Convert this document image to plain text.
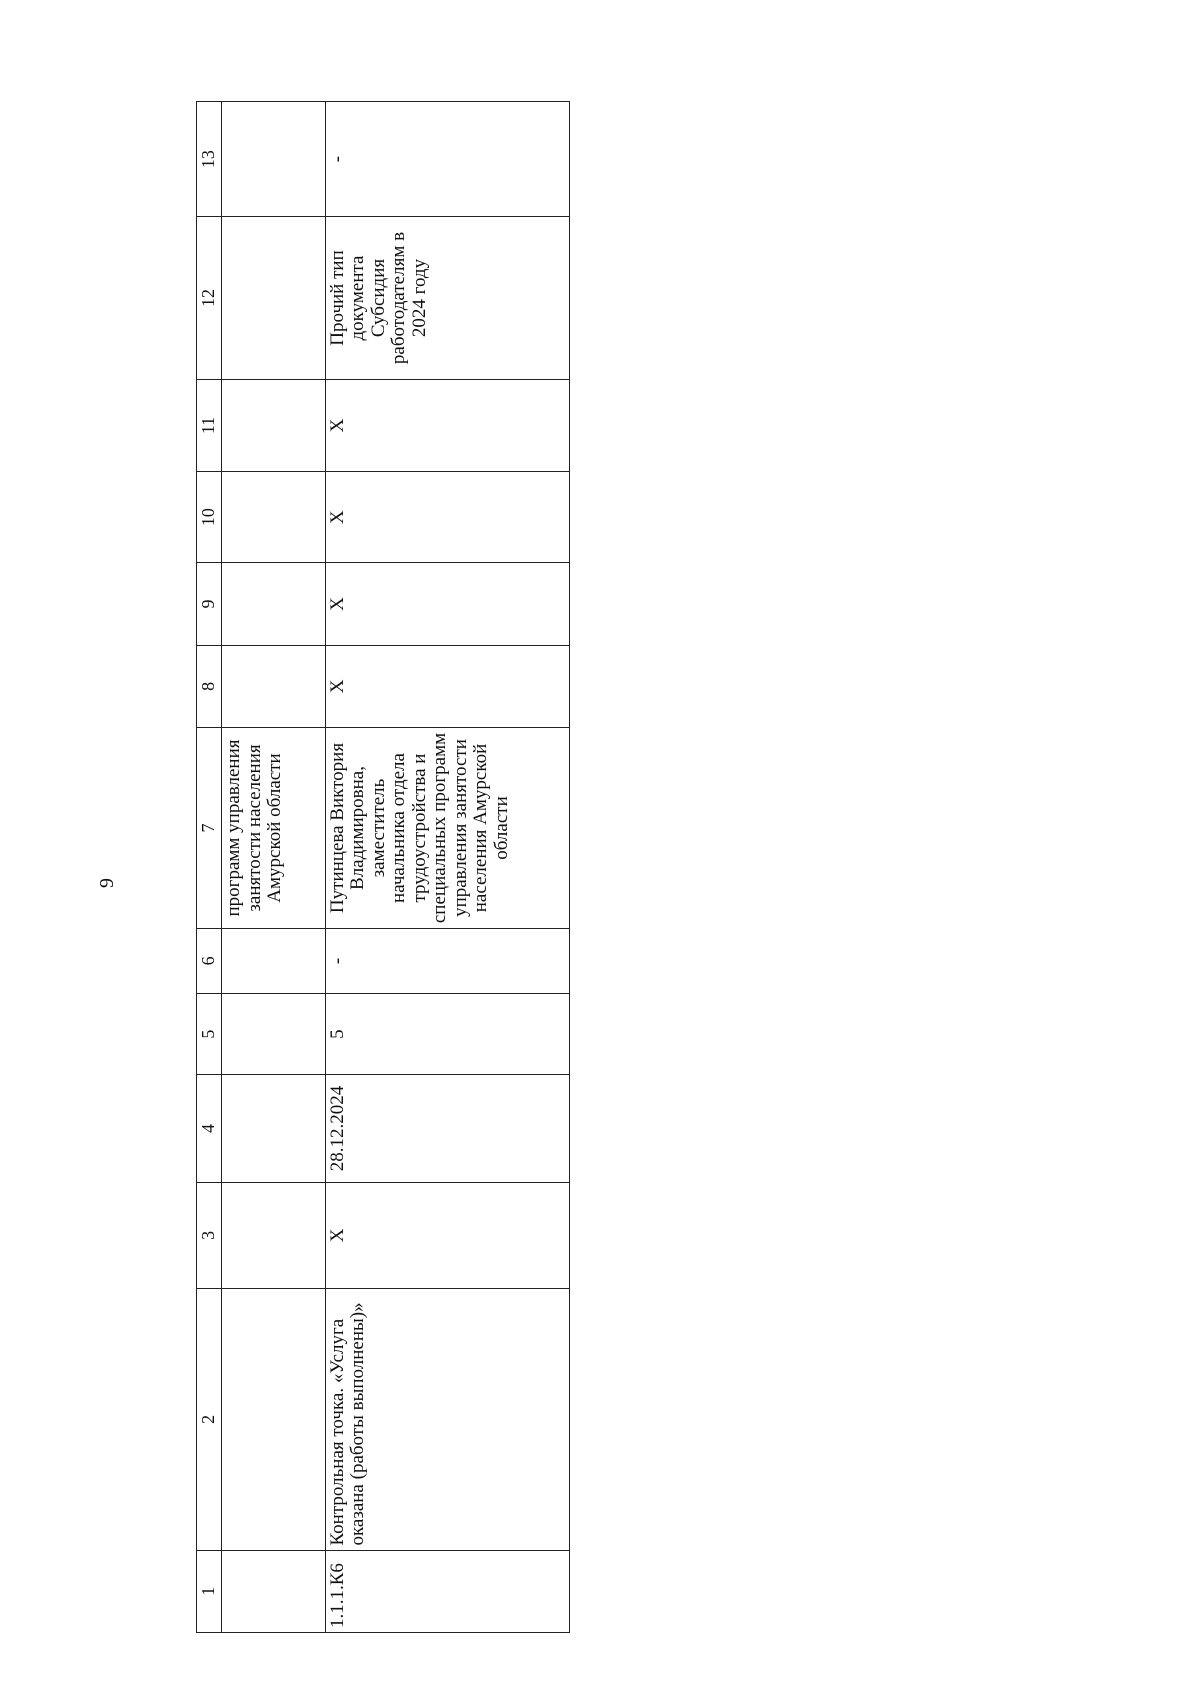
9
1	2	3	4	5	6	7	8	9	10	11	12	13
						программ управления занятости населения Амурской области						
1.1.1.К6	Контрольная точка. «Услуга оказана (работы выполнены)»	X	28.12.2024	5	-	Путинцева Виктория Владимировна, заместитель начальника отдела трудоустройства и специальных программ управления занятости населения Амурской области	X	X	X	X	Прочий тип документа Субсидия работодателям в 2024 году	-
